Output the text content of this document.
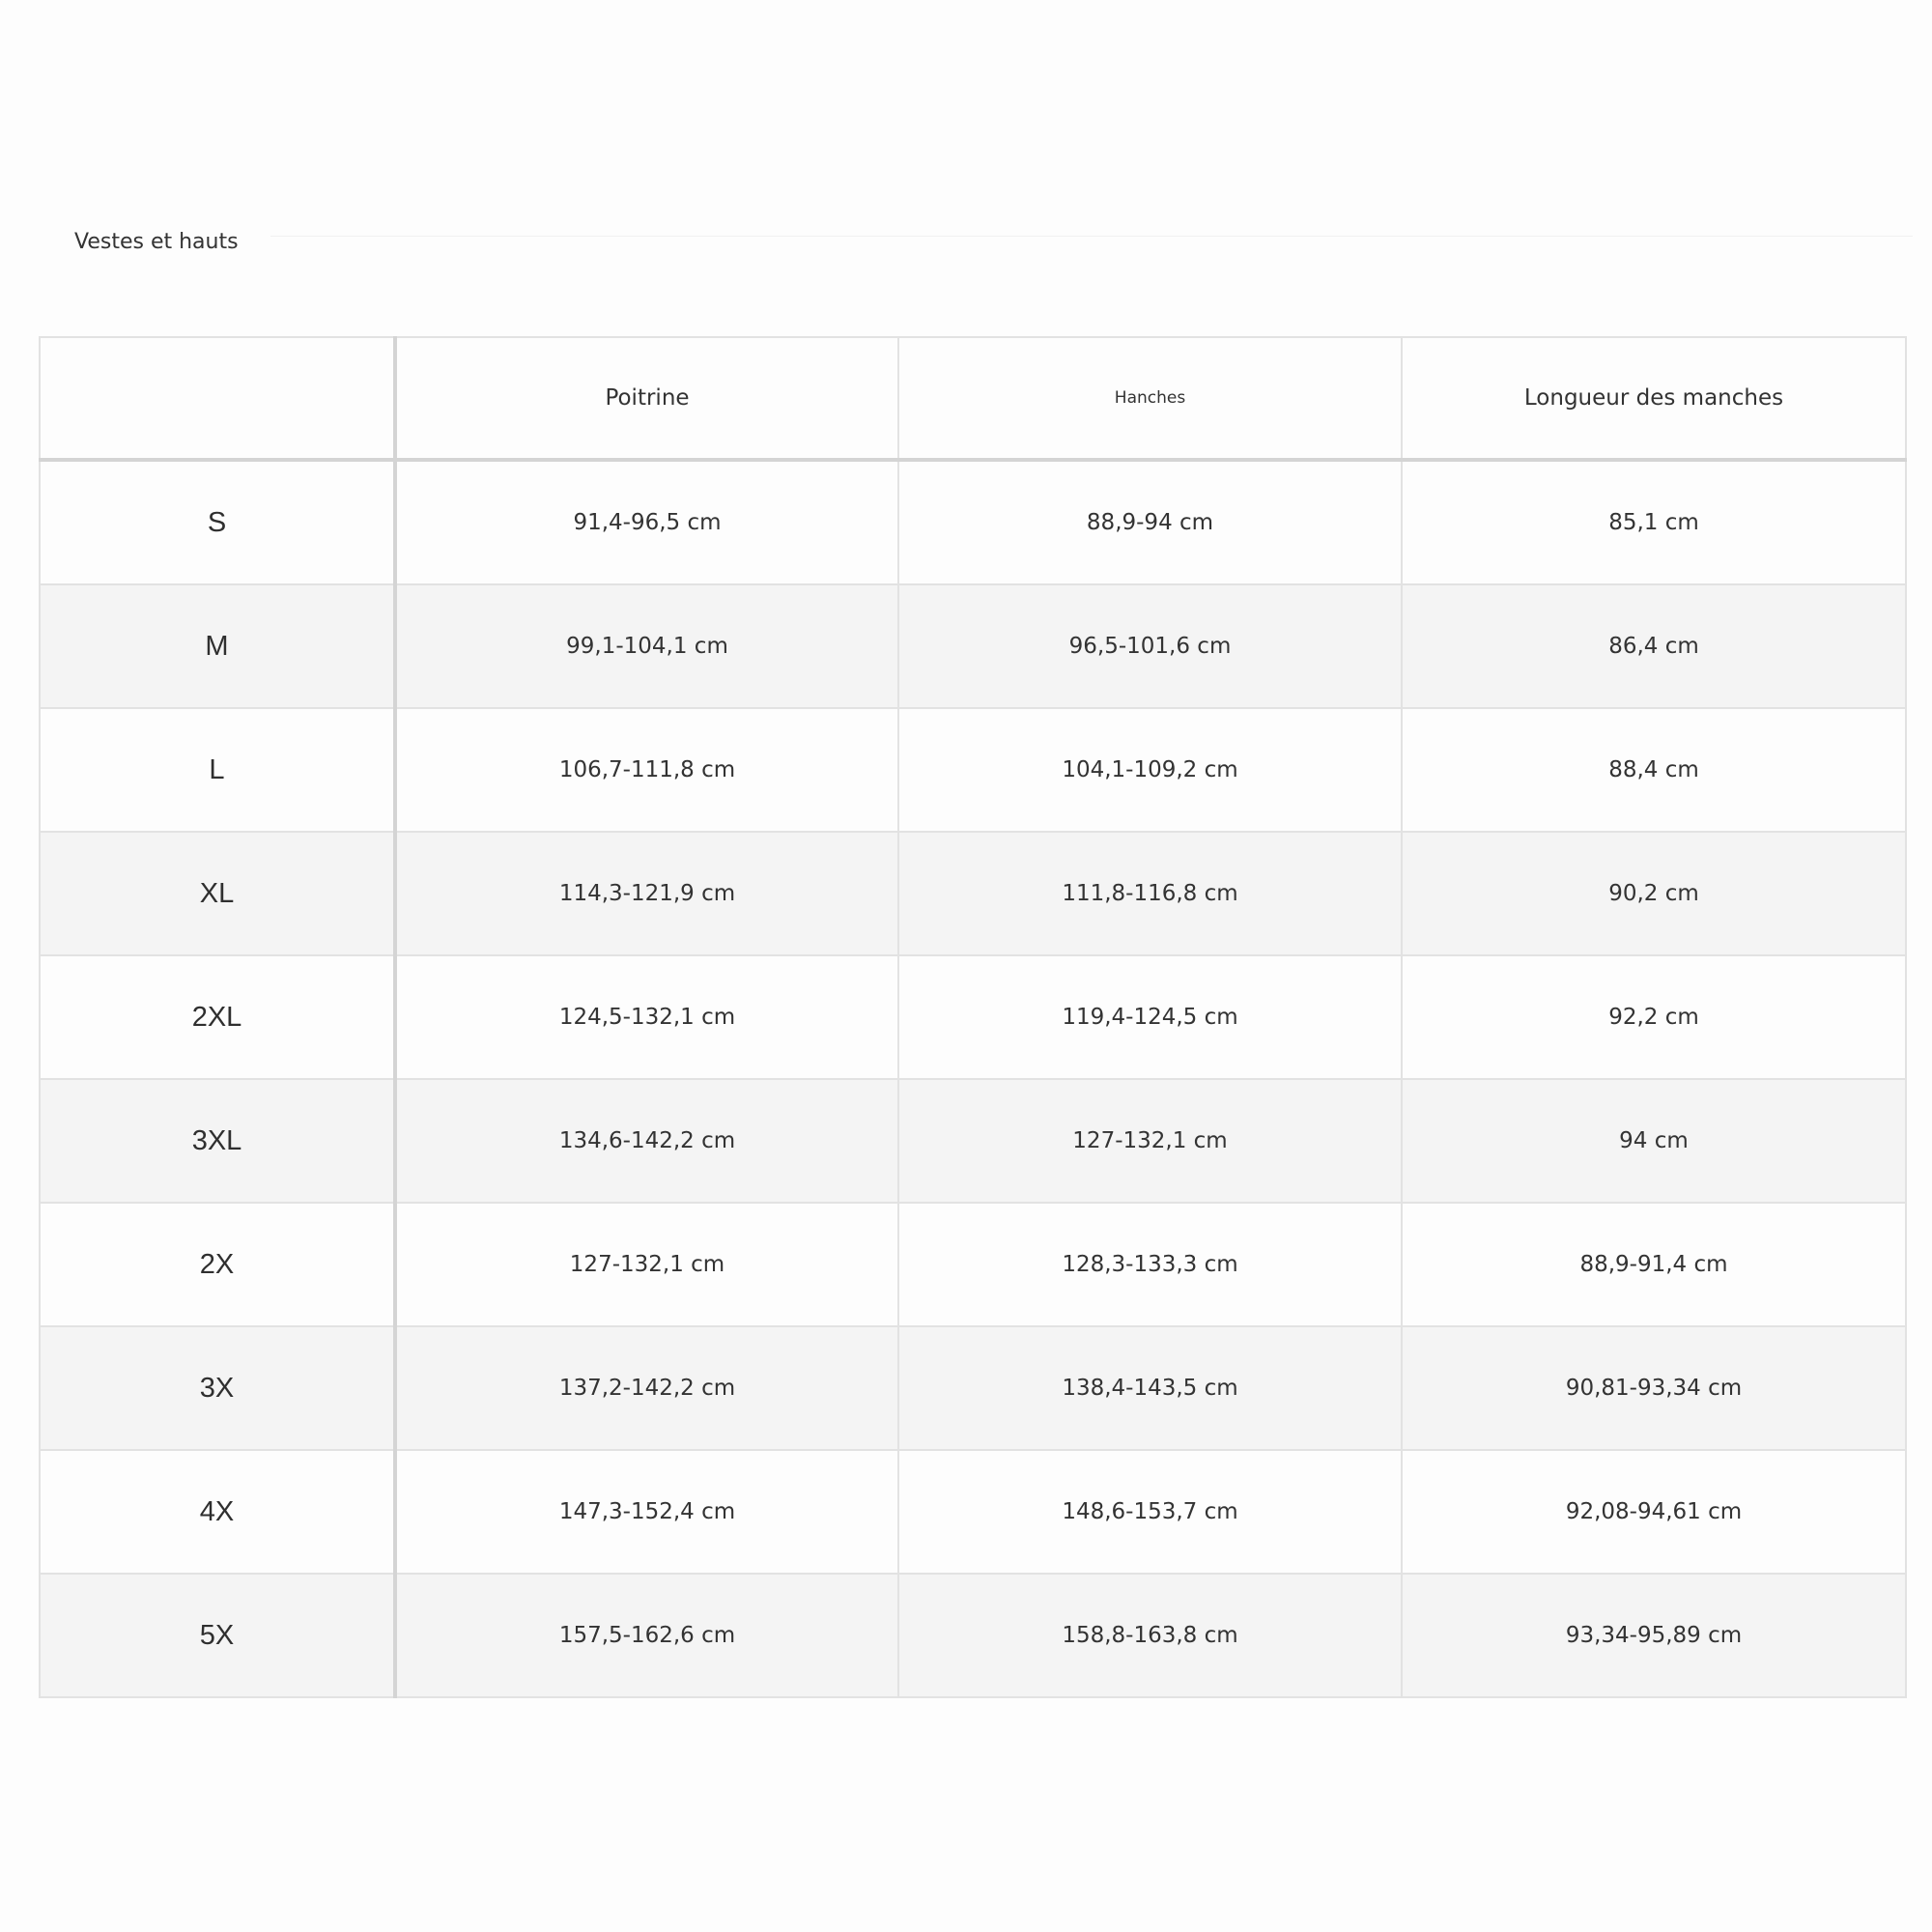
Vestes et hauts
	Poitrine	Hanches	Longueur des manches
S	91,4-96,5 cm	88,9-94 cm	85,1 cm
M	99,1-104,1 cm	96,5-101,6 cm	86,4 cm
L	106,7-111,8 cm	104,1-109,2 cm	88,4 cm
XL	114,3-121,9 cm	111,8-116,8 cm	90,2 cm
2XL	124,5-132,1 cm	119,4-124,5 cm	92,2 cm
3XL	134,6-142,2 cm	127-132,1 cm	94 cm
2X	127-132,1 cm	128,3-133,3 cm	88,9-91,4 cm
3X	137,2-142,2 cm	138,4-143,5 cm	90,81-93,34 cm
4X	147,3-152,4 cm	148,6-153,7 cm	92,08-94,61 cm
5X	157,5-162,6 cm	158,8-163,8 cm	93,34-95,89 cm
